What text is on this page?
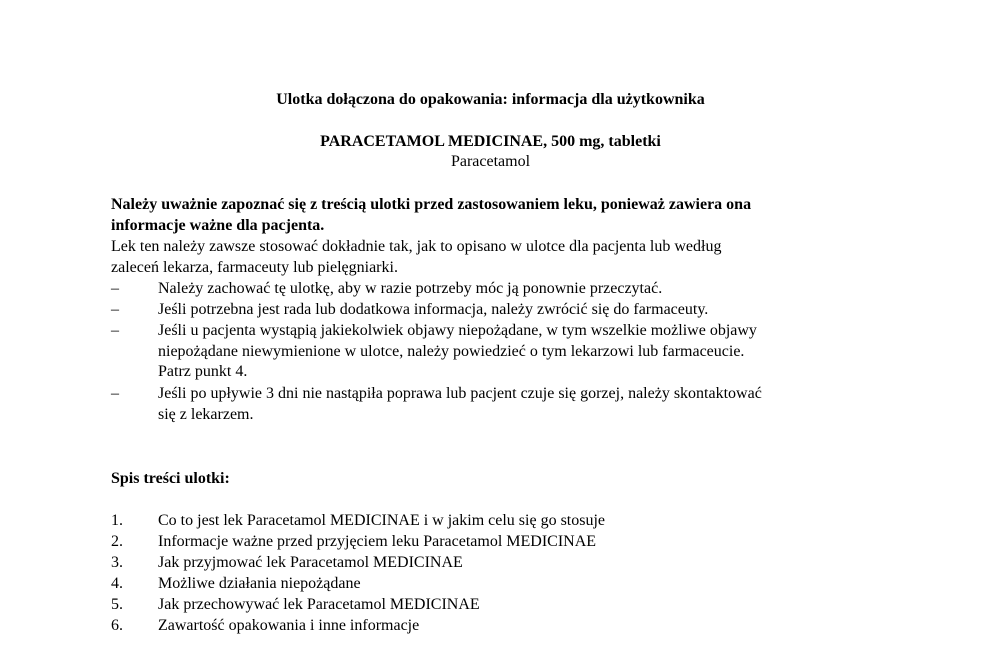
Ulotka dołączona do opakowania: informacja dla użytkownika
PARACETAMOL MEDICINAE, 500 mg, tabletki
Paracetamol
Należy uważnie zapoznać się z treścią ulotki przed zastosowaniem leku, ponieważ zawiera ona
informacje ważne dla pacjenta.
Lek ten należy zawsze stosować dokładnie tak, jak to opisano w ulotce dla pacjenta lub według
zaleceń lekarza, farmaceuty lub pielęgniarki.
– Należy zachować tę ulotkę, aby w razie potrzeby móc ją ponownie przeczytać.
– Jeśli potrzebna jest rada lub dodatkowa informacja, należy zwrócić się do farmaceuty.
– Jeśli u pacjenta wystąpią jakiekolwiek objawy niepożądane, w tym wszelkie możliwe objawy
niepożądane niewymienione w ulotce, należy powiedzieć o tym lekarzowi lub farmaceucie.
Patrz punkt 4.
– Jeśli po upływie 3 dni nie nastąpiła poprawa lub pacjent czuje się gorzej, należy skontaktować
się z lekarzem.
Spis treści ulotki:
1. Co to jest lek Paracetamol MEDICINAE i w jakim celu się go stosuje
2. Informacje ważne przed przyjęciem leku Paracetamol MEDICINAE
3. Jak przyjmować lek Paracetamol MEDICINAE
4. Możliwe działania niepożądane
5. Jak przechowywać lek Paracetamol MEDICINAE
6. Zawartość opakowania i inne informacje
